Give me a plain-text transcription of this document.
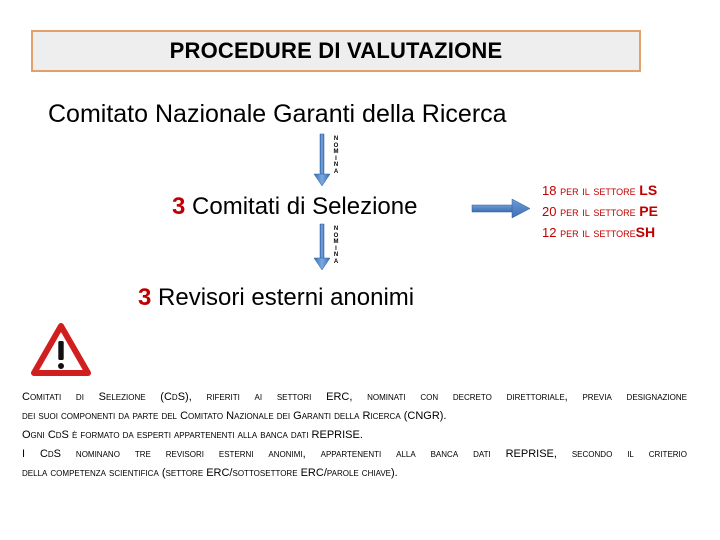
PROCEDURE DI VALUTAZIONE
Comitato Nazionale Garanti della Ricerca
N
O
M
I
N
A
N
O
M
I
N
A
3 Comitati di Selezione
18 per il settore LS
20 per il settore PE
12 per il settoreSH
3 Revisori esterni anonimi

Comitati di Selezione (CdS), riferiti ai settori ERC, nominati con decreto direttoriale, previa designazione

dei suoi componenti da parte del Comitato Nazionale dei Garanti della Ricerca (CNGR).

Ogni CdS è formato da esperti appartenenti alla banca dati REPRISE.

I CdS nominano tre revisori esterni anonimi, appartenenti alla banca dati REPRISE, secondo il criterio

della competenza scientifica (settore ERC/sottosettore ERC/parole chiave).
